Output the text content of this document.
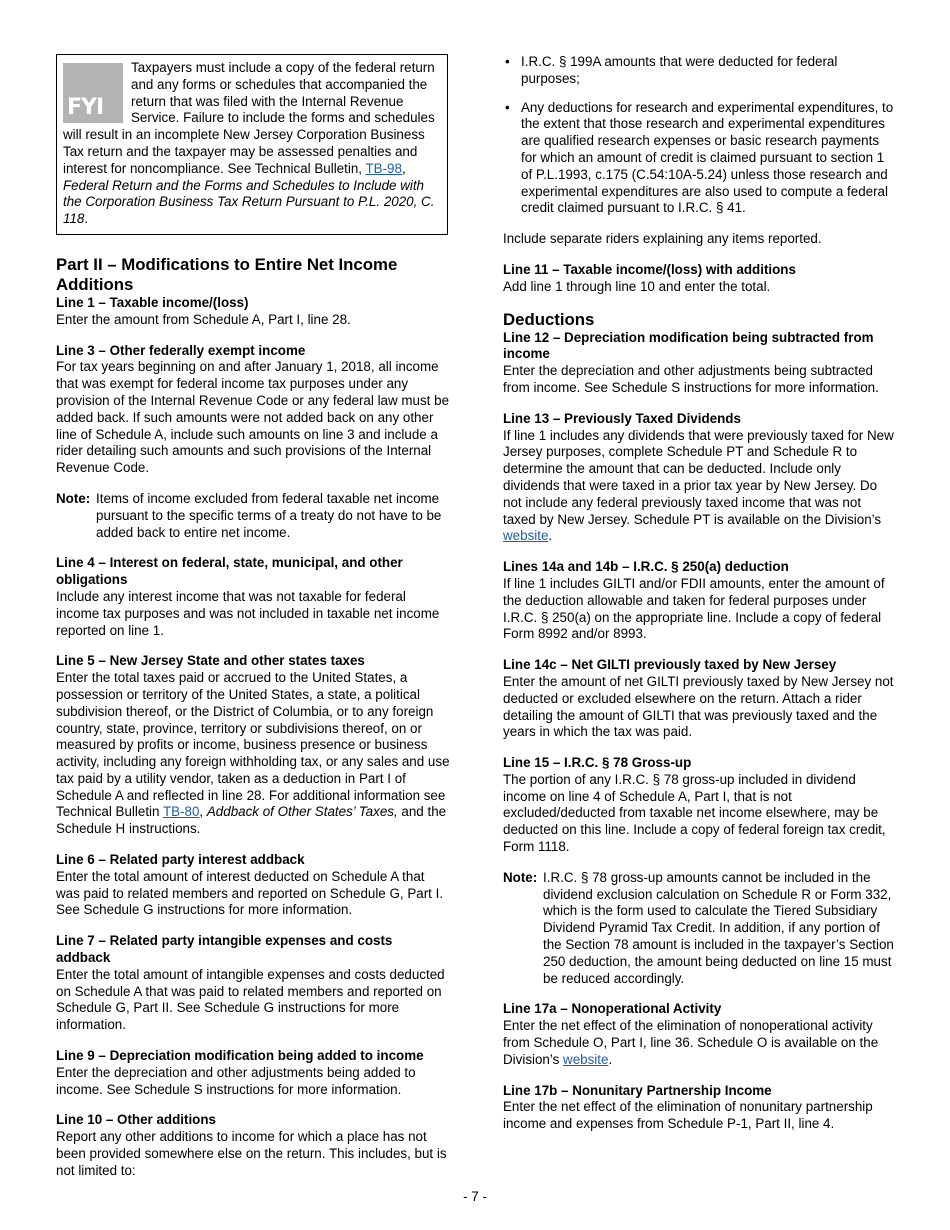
FYI

Taxpayers must include a copy of the federal return and any forms or schedules that accompanied the return that was filed with the Internal Revenue Service. Failure to include the forms and schedules will result in an incomplete New Jersey Corporation Business Tax return and the taxpayer may be assessed penalties and interest for noncompliance. See Technical Bulletin, TB-98, Federal Return and the Forms and Schedules to Include with the Corporation Business Tax Return Pursuant to P.L. 2020, C. 118.

Part II – Modifications to Entire Net Income Additions

Line 1 – Taxable income/(loss)

Enter the amount from Schedule A, Part I, line 28.

Line 3 – Other federally exempt income

For tax years beginning on and after January 1, 2018, all income that was exempt for federal income tax purposes under any provision of the Internal Revenue Code or any federal law must be added back. If such amounts were not added back on any other line of Schedule A, include such amounts on line 3 and include a rider detailing such amounts and such provisions of the Internal Revenue Code.

Note: Items of income excluded from federal taxable net income pursuant to the specific terms of a treaty do not have to be added back to entire net income.

Line 4 – Interest on federal, state, municipal, and other obligations

Include any interest income that was not taxable for federal income tax purposes and was not included in taxable net income reported on line 1.

Line 5 – New Jersey State and other states taxes

Enter the total taxes paid or accrued to the United States, a possession or territory of the United States, a state, a political subdivision thereof, or the District of Columbia, or to any foreign country, state, province, territory or subdivisions thereof, on or measured by profits or income, business presence or business activity, including any foreign withholding tax, or any sales and use tax paid by a utility vendor, taken as a deduction in Part I of Schedule A and reflected in line 28. For additional information see Technical Bulletin TB-80, Addback of Other States’ Taxes, and the Schedule H instructions.

Line 6 – Related party interest addback

Enter the total amount of interest deducted on Schedule A that was paid to related members and reported on Schedule G, Part I. See Schedule G instructions for more information.

Line 7 – Related party intangible expenses and costs addback

Enter the total amount of intangible expenses and costs deducted on Schedule A that was paid to related members and reported on Schedule G, Part II. See Schedule G instructions for more information.

Line 9 – Depreciation modification being added to income

Enter the depreciation and other adjustments being added to income. See Schedule S instructions for more information.

Line 10 – Other additions

Report any other additions to income for which a place has not been provided somewhere else on the return. This includes, but is not limited to:

• I.R.C. § 199A amounts that were deducted for federal purposes;
• Any deductions for research and experimental expenditures, to the extent that those research and experimental expenditures are qualified research expenses or basic research payments for which an amount of credit is claimed pursuant to section 1 of P.L.1993, c.175 (C.54:10A-5.24) unless those research and experimental expenditures are also used to compute a federal credit claimed pursuant to I.R.C. § 41.

Include separate riders explaining any items reported.

Line 11 – Taxable income/(loss) with additions

Add line 1 through line 10 and enter the total.

Deductions

Line 12 – Depreciation modification being subtracted from income

Enter the depreciation and other adjustments being subtracted from income. See Schedule S instructions for more information.

Line 13 – Previously Taxed Dividends

If line 1 includes any dividends that were previously taxed for New Jersey purposes, complete Schedule PT and Schedule R to determine the amount that can be deducted. Include only dividends that were taxed in a prior tax year by New Jersey. Do not include any federal previously taxed income that was not taxed by New Jersey. Schedule PT is available on the Division’s website.

Lines 14a and 14b – I.R.C. § 250(a) deduction

If line 1 includes GILTI and/or FDII amounts, enter the amount of the deduction allowable and taken for federal purposes under I.R.C. § 250(a) on the appropriate line. Include a copy of federal Form 8992 and/or 8993.

Line 14c – Net GILTI previously taxed by New Jersey

Enter the amount of net GILTI previously taxed by New Jersey not deducted or excluded elsewhere on the return. Attach a rider detailing the amount of GILTI that was previously taxed and the years in which the tax was paid.

Line 15 – I.R.C. § 78 Gross-up

The portion of any I.R.C. § 78 gross-up included in dividend income on line 4 of Schedule A, Part I, that is not excluded/deducted from taxable net income elsewhere, may be deducted on this line. Include a copy of federal foreign tax credit, Form 1118.

Note: I.R.C. § 78 gross-up amounts cannot be included in the dividend exclusion calculation on Schedule R or Form 332, which is the form used to calculate the Tiered Subsidiary Dividend Pyramid Tax Credit. In addition, if any portion of the Section 78 amount is included in the taxpayer’s Section 250 deduction, the amount being deducted on line 15 must be reduced accordingly.

Line 17a – Nonoperational Activity

Enter the net effect of the elimination of nonoperational activity from Schedule O, Part I, line 36. Schedule O is available on the Division’s website.

Line 17b – Nonunitary Partnership Income

Enter the net effect of the elimination of nonunitary partnership income and expenses from Schedule P-1, Part II, line 4.

- 7 -
